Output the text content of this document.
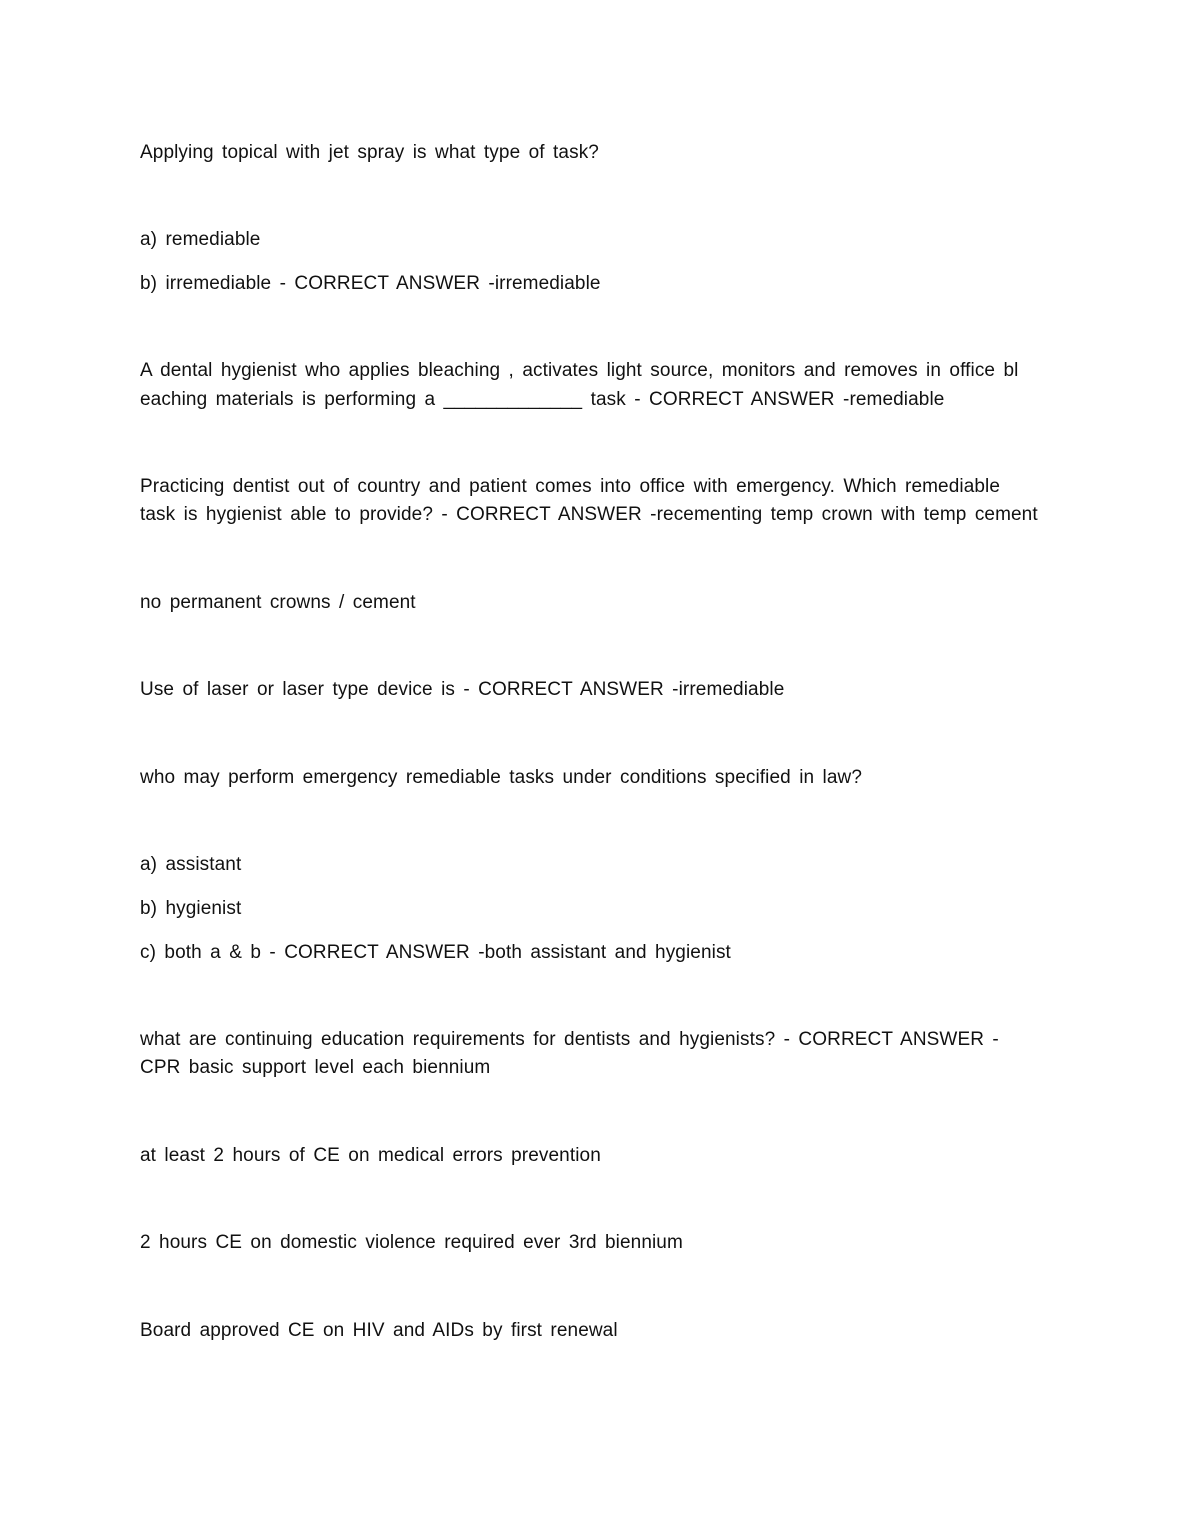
Applying topical with jet spray is what type of task?
a) remediable
b) irremediable - CORRECT ANSWER -irremediable
A dental hygienist who applies bleaching , activates light source, monitors and removes in office bl
eaching materials is performing a _____________ task - CORRECT ANSWER -remediable
Practicing dentist out of country and patient comes into office with emergency. Which remediable
task is hygienist able to provide? - CORRECT ANSWER -recementing temp crown with temp cement
no permanent crowns / cement
Use of laser or laser type device is - CORRECT ANSWER -irremediable
who may perform emergency remediable tasks under conditions specified in law?
a) assistant
b) hygienist
c) both a & b - CORRECT ANSWER -both assistant and hygienist
what are continuing education requirements for dentists and hygienists? - CORRECT ANSWER -
CPR basic support level each biennium
at least 2 hours of CE on medical errors prevention
2 hours CE on domestic violence required ever 3rd biennium
Board approved CE on HIV and AIDs by first renewal
